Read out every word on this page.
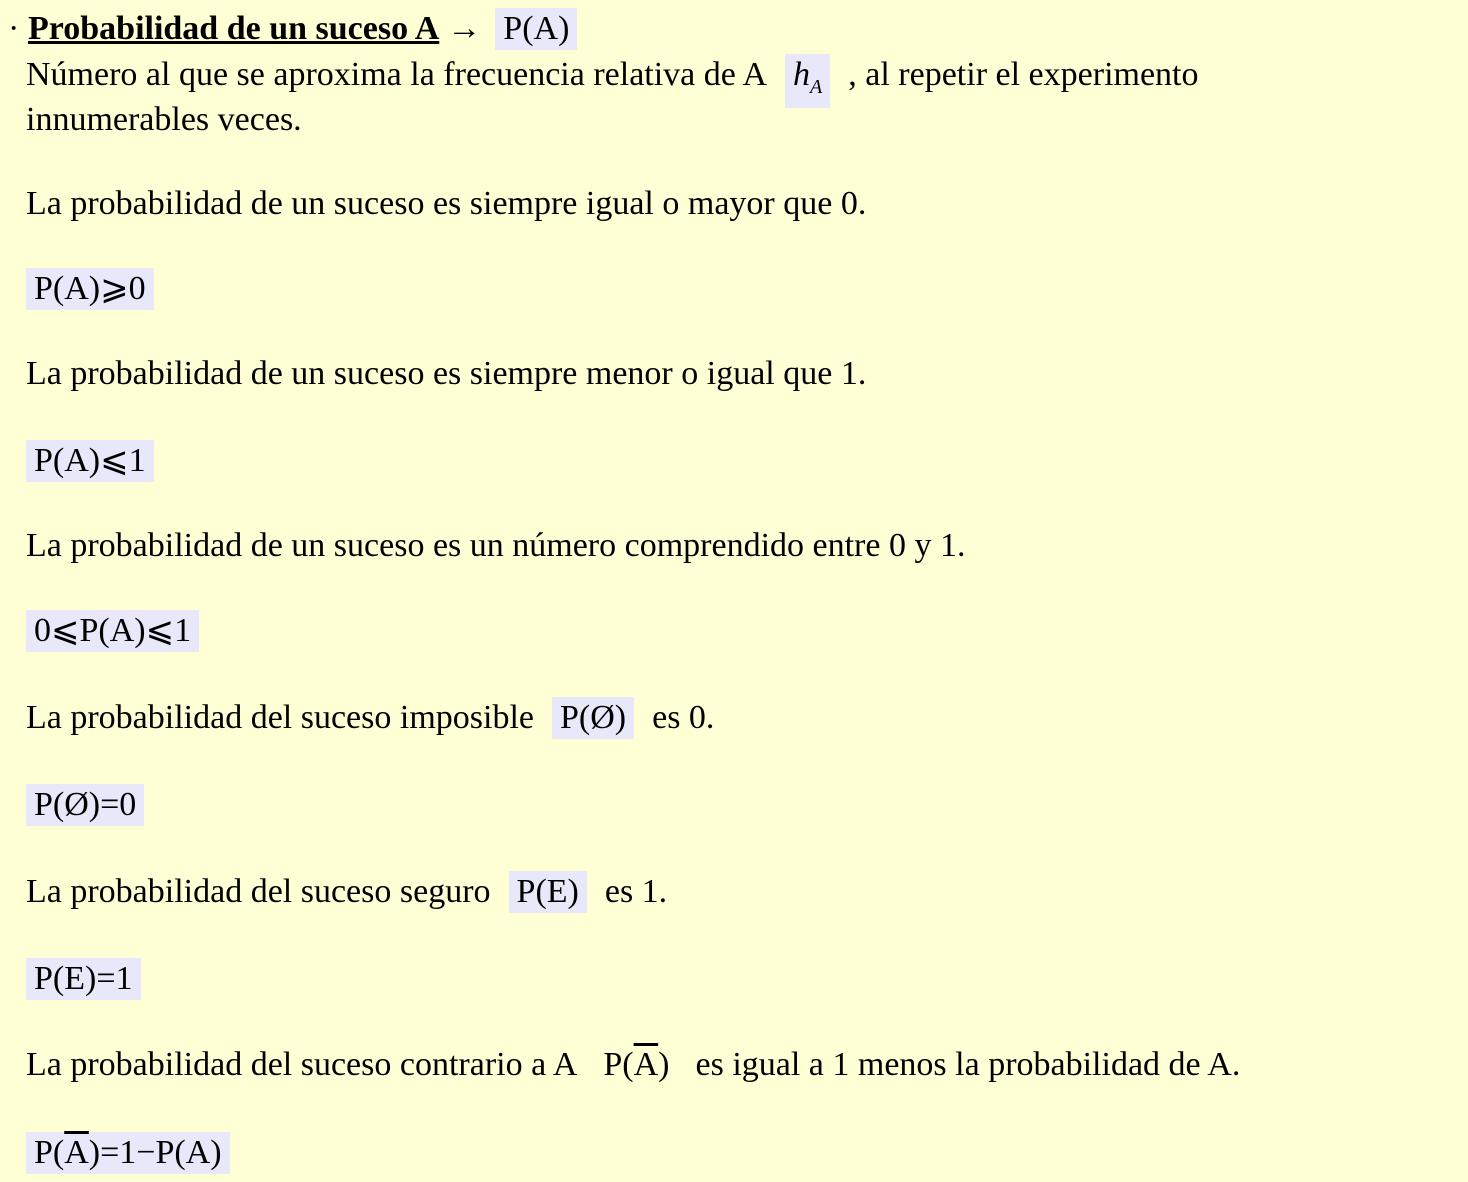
· Probabilidad de un suceso A → P(A)
Número al que se aproxima la frecuencia relativa de A $h_A$ , al repetir el experimento
innumerables veces.
La probabilidad de un suceso es siempre igual o mayor que 0.
P(A)⩾0
La probabilidad de un suceso es siempre menor o igual que 1.
P(A)⩽1
La probabilidad de un suceso es un número comprendido entre 0 y 1.
0⩽P(A)⩽1
La probabilidad del suceso imposible P(Ø) es 0.
P(Ø)=0
La probabilidad del suceso seguro P(E) es 1.
P(E)=1
La probabilidad del suceso contrario a A $P(\overline{A})$ es igual a 1 menos la probabilidad de A.
$P(\overline{A})=1-P(A)$
